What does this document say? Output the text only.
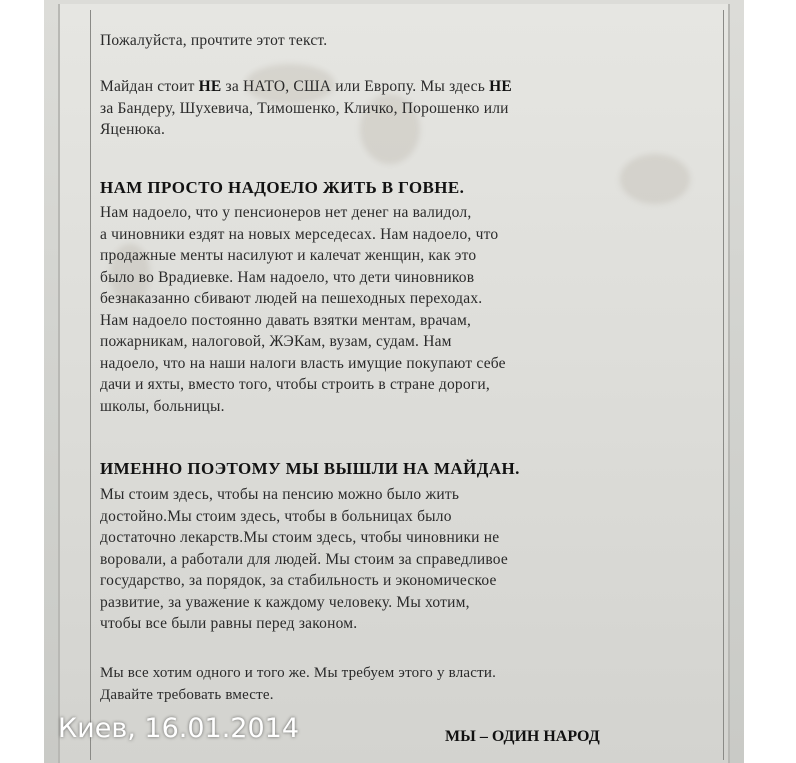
Пожалуйста, прочтите этот текст.
Майдан стоит НЕ за НАТО, США или Европу. Мы здесь НЕ
за Бандеру, Шухевича, Тимошенко, Кличко, Порошенко или
Яценюка.
НАМ ПРОСТО НАДОЕЛО ЖИТЬ В ГОВНЕ.
Нам надоело, что у пенсионеров нет денег на валидол,
а чиновники ездят на новых мерседесах. Нам надоело, что
продажные менты насилуют и калечат женщин, как это
было во Врадиевке. Нам надоело, что дети чиновников
безнаказанно сбивают людей на пешеходных переходах.
Нам надоело постоянно давать взятки ментам, врачам,
пожарникам, налоговой, ЖЭКам, вузам, судам. Нам
надоело, что на наши налоги власть имущие покупают себе
дачи и яхты, вместо того, чтобы строить в стране дороги,
школы, больницы.
ИМЕННО ПОЭТОМУ МЫ ВЫШЛИ НА МАЙДАН.
Мы стоим здесь, чтобы на пенсию можно было жить
достойно.Мы стоим здесь, чтобы в больницах было
достаточно лекарств.Мы стоим здесь, чтобы чиновники не
воровали, а работали для людей. Мы стоим за справедливое
государство, за порядок, за стабильность и экономическое
развитие, за уважение к каждому человеку. Мы хотим,
чтобы все были равны перед законом.
Мы все хотим одного и того же. Мы требуем этого у власти.
Давайте требовать вместе.
Киев, 16.01.2014	МЫ – ОДИН НАРОД
